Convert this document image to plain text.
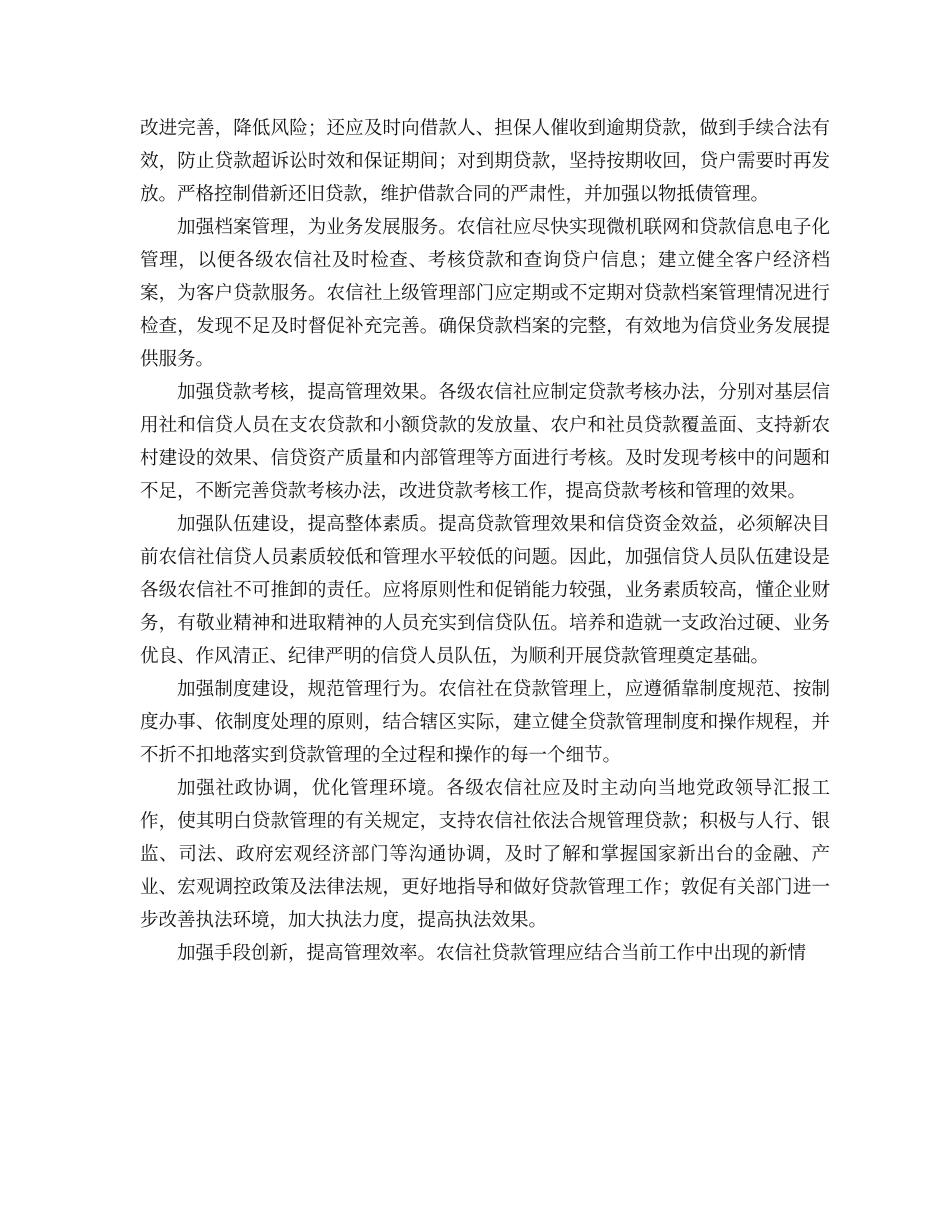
改进完善，降低风险；还应及时向借款人、担保人催收到逾期贷款，做到手续合法有效，防止贷款超诉讼时效和保证期间；对到期贷款，坚持按期收回，贷户需要时再发放。严格控制借新还旧贷款，维护借款合同的严肃性，并加强以物抵债管理。

加强档案管理，为业务发展服务。农信社应尽快实现微机联网和贷款信息电子化管理，以便各级农信社及时检查、考核贷款和查询贷户信息；建立健全客户经济档案，为客户贷款服务。农信社上级管理部门应定期或不定期对贷款档案管理情况进行检查，发现不足及时督促补充完善。确保贷款档案的完整，有效地为信贷业务发展提供服务。

加强贷款考核，提高管理效果。各级农信社应制定贷款考核办法，分别对基层信用社和信贷人员在支农贷款和小额贷款的发放量、农户和社员贷款覆盖面、支持新农村建设的效果、信贷资产质量和内部管理等方面进行考核。及时发现考核中的问题和不足，不断完善贷款考核办法，改进贷款考核工作，提高贷款考核和管理的效果。

加强队伍建设，提高整体素质。提高贷款管理效果和信贷资金效益，必须解决目前农信社信贷人员素质较低和管理水平较低的问题。因此，加强信贷人员队伍建设是各级农信社不可推卸的责任。应将原则性和促销能力较强，业务素质较高，懂企业财务，有敬业精神和进取精神的人员充实到信贷队伍。培养和造就一支政治过硬、业务优良、作风清正、纪律严明的信贷人员队伍，为顺利开展贷款管理奠定基础。

加强制度建设，规范管理行为。农信社在贷款管理上，应遵循靠制度规范、按制度办事、依制度处理的原则，结合辖区实际，建立健全贷款管理制度和操作规程，并不折不扣地落实到贷款管理的全过程和操作的每一个细节。

加强社政协调，优化管理环境。各级农信社应及时主动向当地党政领导汇报工作，使其明白贷款管理的有关规定，支持农信社依法合规管理贷款；积极与人行、银监、司法、政府宏观经济部门等沟通协调，及时了解和掌握国家新出台的金融、产业、宏观调控政策及法律法规，更好地指导和做好贷款管理工作；敦促有关部门进一步改善执法环境，加大执法力度，提高执法效果。

加强手段创新，提高管理效率。农信社贷款管理应结合当前工作中出现的新情
